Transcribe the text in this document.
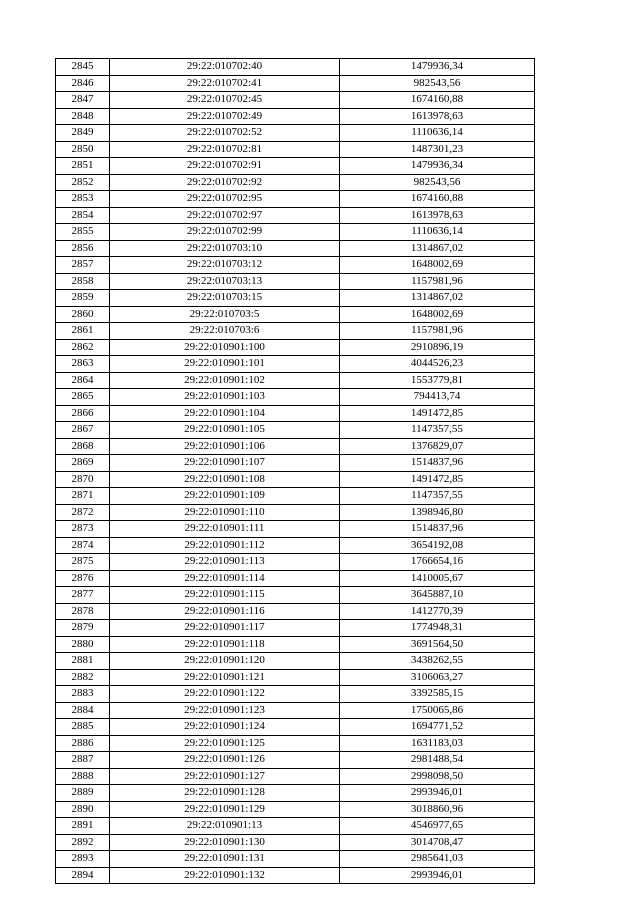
2845	29:22:010702:40	1479936,34
2846	29:22:010702:41	982543,56
2847	29:22:010702:45	1674160,88
2848	29:22:010702:49	1613978,63
2849	29:22:010702:52	1110636,14
2850	29:22:010702:81	1487301,23
2851	29:22:010702:91	1479936,34
2852	29:22:010702:92	982543,56
2853	29:22:010702:95	1674160,88
2854	29:22:010702:97	1613978,63
2855	29:22:010702:99	1110636,14
2856	29:22:010703:10	1314867,02
2857	29:22:010703:12	1648002,69
2858	29:22:010703:13	1157981,96
2859	29:22:010703:15	1314867,02
2860	29:22:010703:5	1648002,69
2861	29:22:010703:6	1157981,96
2862	29:22:010901:100	2910896,19
2863	29:22:010901:101	4044526,23
2864	29:22:010901:102	1553779,81
2865	29:22:010901:103	794413,74
2866	29:22:010901:104	1491472,85
2867	29:22:010901:105	1147357,55
2868	29:22:010901:106	1376829,07
2869	29:22:010901:107	1514837,96
2870	29:22:010901:108	1491472,85
2871	29:22:010901:109	1147357,55
2872	29:22:010901:110	1398946,80
2873	29:22:010901:111	1514837,96
2874	29:22:010901:112	3654192,08
2875	29:22:010901:113	1766654,16
2876	29:22:010901:114	1410005,67
2877	29:22:010901:115	3645887,10
2878	29:22:010901:116	1412770,39
2879	29:22:010901:117	1774948,31
2880	29:22:010901:118	3691564,50
2881	29:22:010901:120	3438262,55
2882	29:22:010901:121	3106063,27
2883	29:22:010901:122	3392585,15
2884	29:22:010901:123	1750065,86
2885	29:22:010901:124	1694771,52
2886	29:22:010901:125	1631183,03
2887	29:22:010901:126	2981488,54
2888	29:22:010901:127	2998098,50
2889	29:22:010901:128	2993946,01
2890	29:22:010901:129	3018860,96
2891	29:22:010901:13	4546977,65
2892	29:22:010901:130	3014708,47
2893	29:22:010901:131	2985641,03
2894	29:22:010901:132	2993946,01
